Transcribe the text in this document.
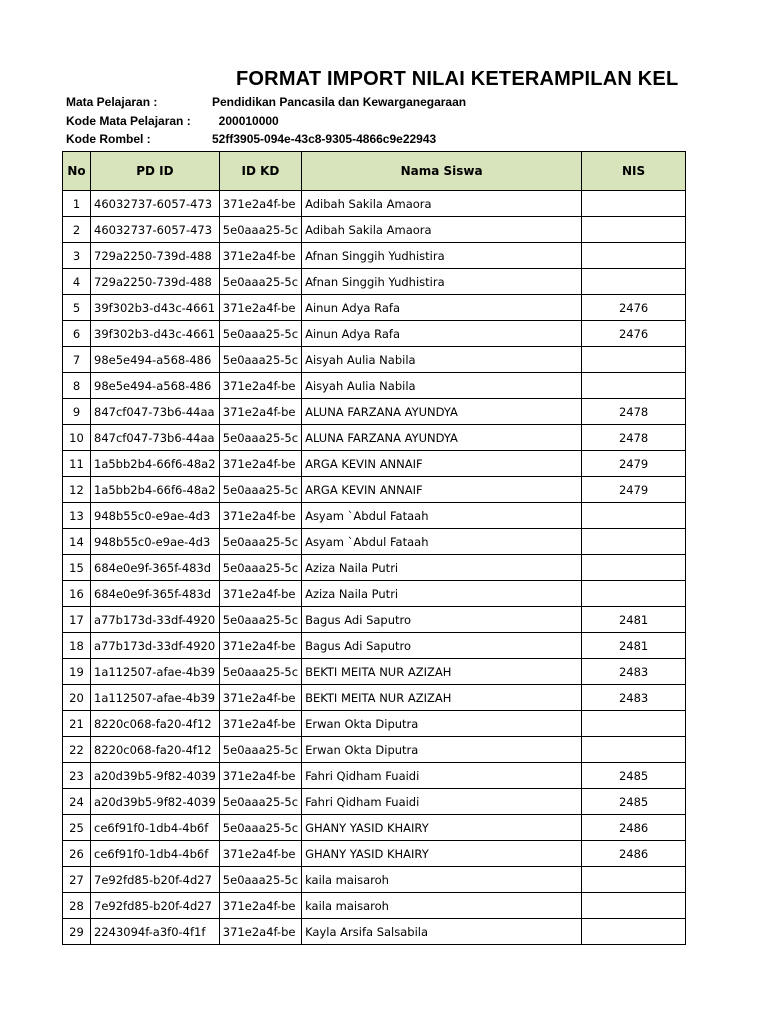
FORMAT IMPORT NILAI KETERAMPILAN KEL
Mata Pelajaran :	Pendidikan Pancasila dan Kewarganegaraan
Kode Mata Pelajaran : 200010000
Kode Rombel :	52ff3905-094e-43c8-9305-4866c9e22943
No	PD ID	ID KD	Nama Siswa	NIS
1	46032737-6057-473	371e2a4f-be	Adibah Sakila Amaora	
2	46032737-6057-473	5e0aaa25-5c	Adibah Sakila Amaora	
3	729a2250-739d-488	371e2a4f-be	Afnan Singgih Yudhistira	
4	729a2250-739d-488	5e0aaa25-5c	Afnan Singgih Yudhistira	
5	39f302b3-d43c-4661	371e2a4f-be	Ainun Adya Rafa	2476
6	39f302b3-d43c-4661	5e0aaa25-5c	Ainun Adya Rafa	2476
7	98e5e494-a568-486	5e0aaa25-5c	Aisyah Aulia Nabila	
8	98e5e494-a568-486	371e2a4f-be	Aisyah Aulia Nabila	
9	847cf047-73b6-44aa	371e2a4f-be	ALUNA FARZANA AYUNDYA	2478
10	847cf047-73b6-44aa	5e0aaa25-5c	ALUNA FARZANA AYUNDYA	2478
11	1a5bb2b4-66f6-48a2	371e2a4f-be	ARGA KEVIN ANNAIF	2479
12	1a5bb2b4-66f6-48a2	5e0aaa25-5c	ARGA KEVIN ANNAIF	2479
13	948b55c0-e9ae-4d3	371e2a4f-be	Asyam `Abdul Fataah	
14	948b55c0-e9ae-4d3	5e0aaa25-5c	Asyam `Abdul Fataah	
15	684e0e9f-365f-483d	5e0aaa25-5c	Aziza Naila Putri	
16	684e0e9f-365f-483d	371e2a4f-be	Aziza Naila Putri	
17	a77b173d-33df-4920	5e0aaa25-5c	Bagus Adi Saputro	2481
18	a77b173d-33df-4920	371e2a4f-be	Bagus Adi Saputro	2481
19	1a112507-afae-4b39	5e0aaa25-5c	BEKTI MEITA NUR AZIZAH	2483
20	1a112507-afae-4b39	371e2a4f-be	BEKTI MEITA NUR AZIZAH	2483
21	8220c068-fa20-4f12	371e2a4f-be	Erwan Okta Diputra	
22	8220c068-fa20-4f12	5e0aaa25-5c	Erwan Okta Diputra	
23	a20d39b5-9f82-4039	371e2a4f-be	Fahri Qidham Fuaidi	2485
24	a20d39b5-9f82-4039	5e0aaa25-5c	Fahri Qidham Fuaidi	2485
25	ce6f91f0-1db4-4b6f	5e0aaa25-5c	GHANY YASID KHAIRY	2486
26	ce6f91f0-1db4-4b6f	371e2a4f-be	GHANY YASID KHAIRY	2486
27	7e92fd85-b20f-4d27	5e0aaa25-5c	kaila maisaroh	
28	7e92fd85-b20f-4d27	371e2a4f-be	kaila maisaroh	
29	2243094f-a3f0-4f1f	371e2a4f-be	Kayla Arsifa Salsabila	
